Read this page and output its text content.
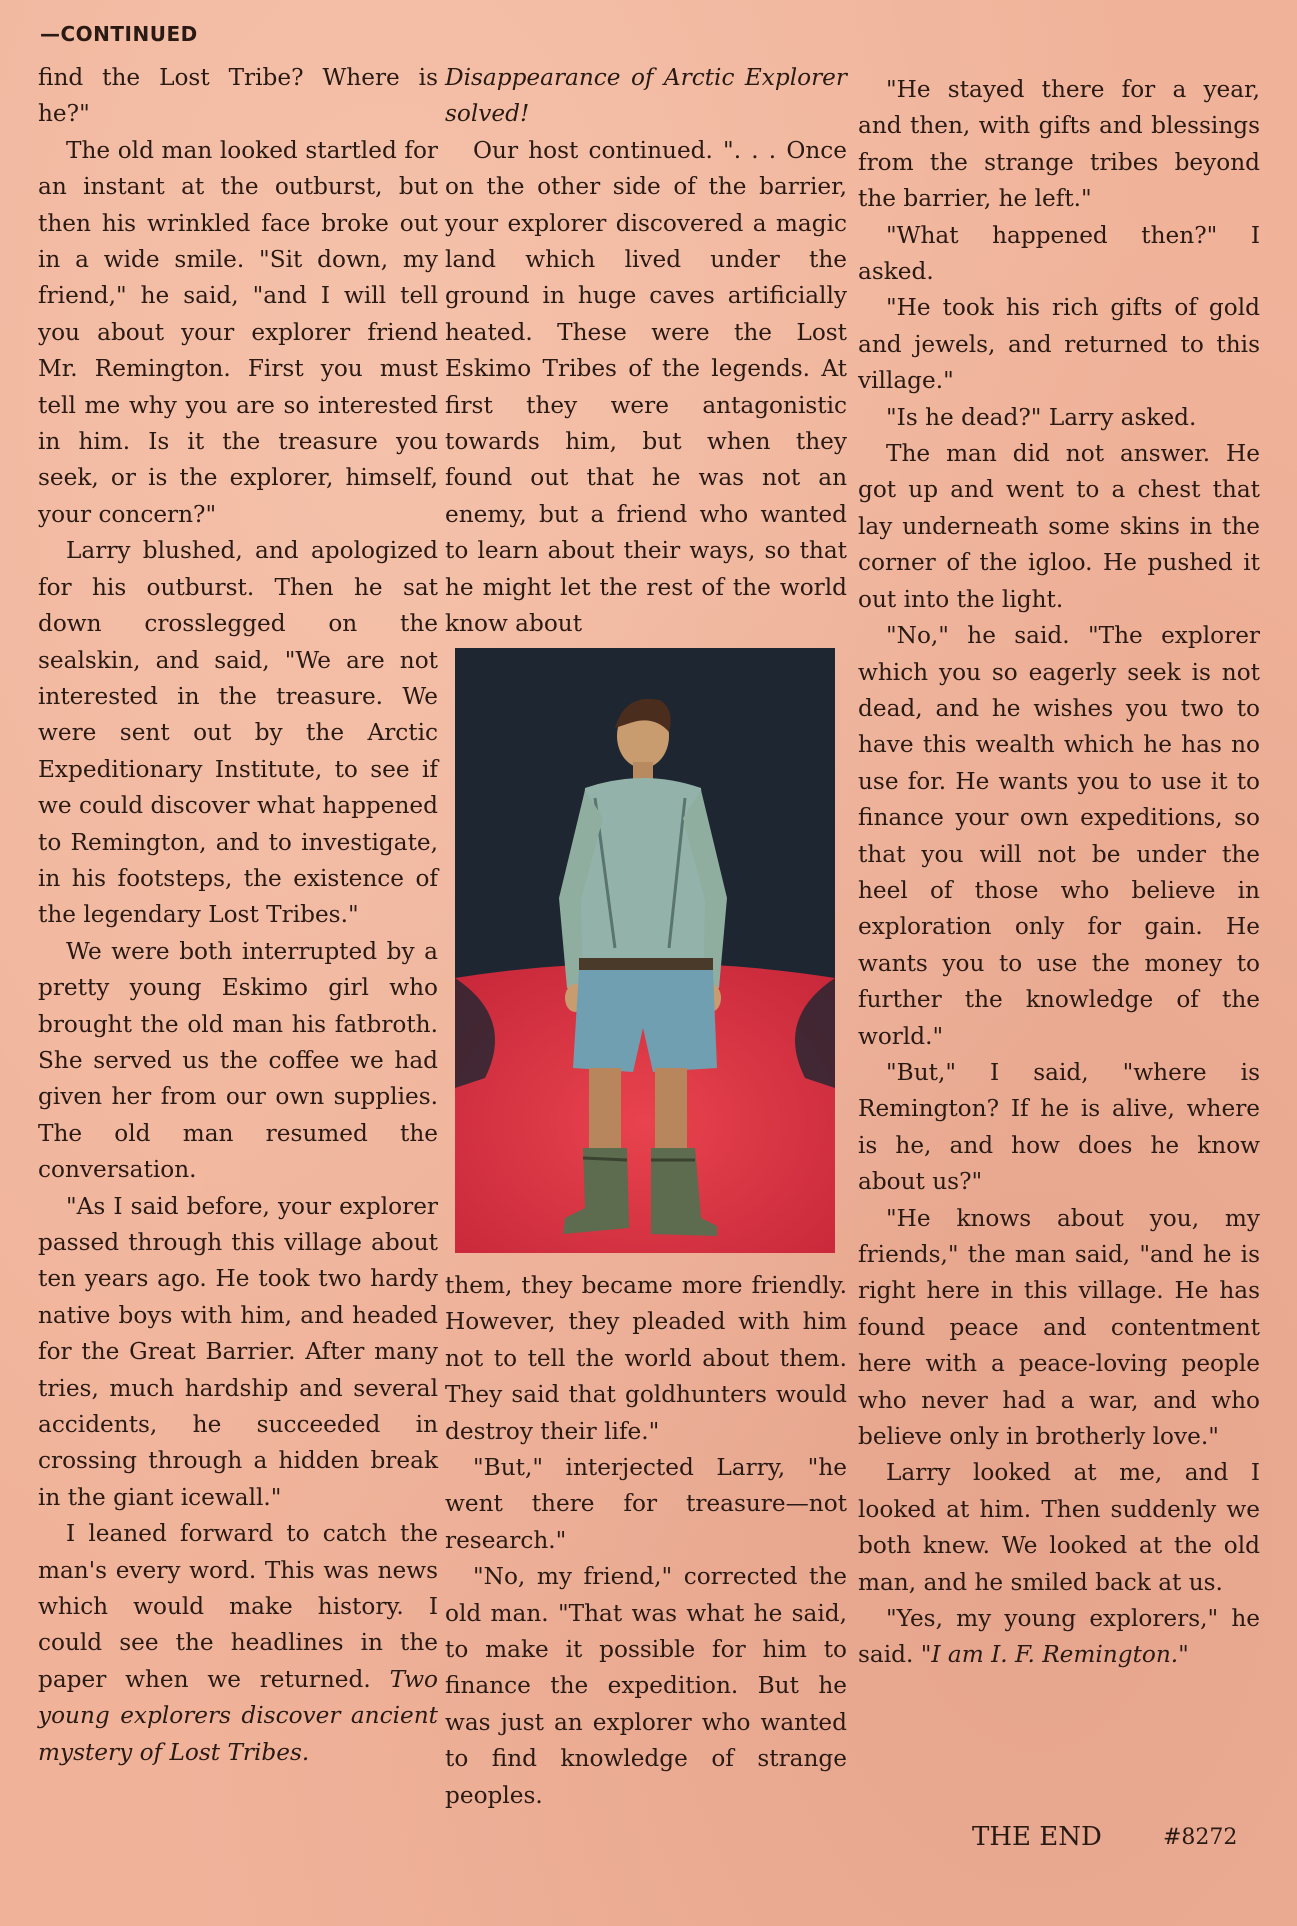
—CONTINUED

find the Lost Tribe? Where is he?"

The old man looked startled for an instant at the outburst, but then his wrinkled face broke out in a wide smile. "Sit down, my friend," he said, "and I will tell you about your explorer friend Mr. Remington. First you must tell me why you are so interested in him. Is it the treasure you seek, or is the explorer, himself, your concern?"

Larry blushed, and apologized for his outburst. Then he sat down crosslegged on the sealskin, and said, "We are not interested in the treasure. We were sent out by the Arctic Expeditionary Institute, to see if we could discover what happened to Remington, and to investigate, in his footsteps, the existence of the legendary Lost Tribes."

We were both interrupted by a pretty young Eskimo girl who brought the old man his fatbroth. She served us the coffee we had given her from our own supplies. The old man resumed the conversation.

"As I said before, your explorer passed through this village about ten years ago. He took two hardy native boys with him, and headed for the Great Barrier. After many tries, much hardship and several accidents, he succeeded in crossing through a hidden break in the giant icewall."

I leaned forward to catch the man's every word. This was news which would make history. I could see the headlines in the paper when we returned. Two young explorers discover ancient mystery of Lost Tribes.

Disappearance of Arctic Explorer solved!

Our host continued. ". . . Once on the other side of the barrier, your explorer discovered a magic land which lived under the ground in huge caves artificially heated. These were the Lost Eskimo Tribes of the legends. At first they were antagonistic towards him, but when they found out that he was not an enemy, but a friend who wanted to learn about their ways, so that he might let the rest of the world know about

them, they became more friendly. However, they pleaded with him not to tell the world about them. They said that goldhunters would destroy their life."

"But," interjected Larry, "he went there for treasure—not research."

"No, my friend," corrected the old man. "That was what he said, to make it possible for him to finance the expedition. But he was just an explorer who wanted to find knowledge of strange peoples.

"He stayed there for a year, and then, with gifts and blessings from the strange tribes beyond the barrier, he left."

"What happened then?" I asked.

"He took his rich gifts of gold and jewels, and returned to this village."

"Is he dead?" Larry asked.

The man did not answer. He got up and went to a chest that lay underneath some skins in the corner of the igloo. He pushed it out into the light.

"No," he said. "The explorer which you so eagerly seek is not dead, and he wishes you two to have this wealth which he has no use for. He wants you to use it to finance your own expeditions, so that you will not be under the heel of those who believe in exploration only for gain. He wants you to use the money to further the knowledge of the world."

"But," I said, "where is Remington? If he is alive, where is he, and how does he know about us?"

"He knows about you, my friends," the man said, "and he is right here in this village. He has found peace and contentment here with a peace-loving people who never had a war, and who believe only in brotherly love."

Larry looked at me, and I looked at him. Then suddenly we both knew. We looked at the old man, and he smiled back at us.

"Yes, my young explorers," he said. "I am I. F. Remington."

THE END	#8272
